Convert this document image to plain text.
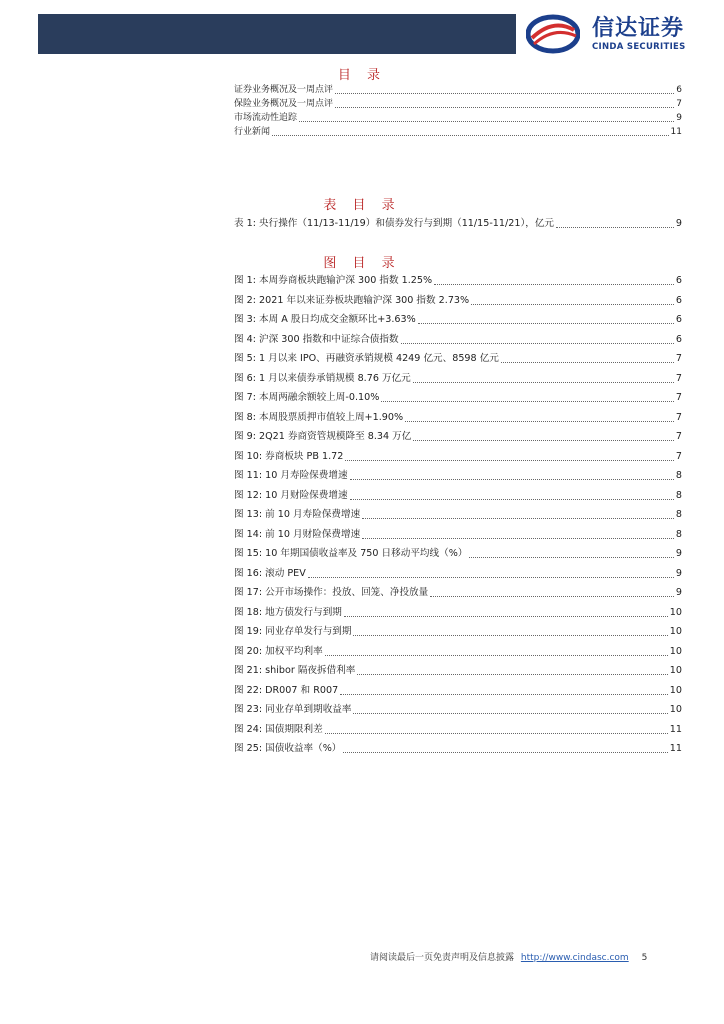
信达证券
CINDA SECURITIES
目 录
证券业务概况及一周点评	6
保险业务概况及一周点评	7
市场流动性追踪	9
行业新闻	11
表 目 录
表 1: 央行操作（11/13-11/19）和债券发行与到期（11/15-11/21），亿元	9
图 目 录
图 1: 本周券商板块跑输沪深 300 指数 1.25%	6
图 2: 2021 年以来证券板块跑输沪深 300 指数 2.73%	6
图 3: 本周 A 股日均成交金额环比+3.63%	6
图 4: 沪深 300 指数和中证综合债指数	6
图 5: 1 月以来 IPO、再融资承销规模 4249 亿元、8598 亿元	7
图 6: 1 月以来债券承销规模 8.76 万亿元	7
图 7: 本周两融余额较上周-0.10%	7
图 8: 本周股票质押市值较上周+1.90%	7
图 9: 2Q21 券商资管规模降至 8.34 万亿	7
图 10: 券商板块 PB 1.72	7
图 11: 10 月寿险保费增速	8
图 12: 10 月财险保费增速	8
图 13: 前 10 月寿险保费增速	8
图 14: 前 10 月财险保费增速	8
图 15: 10 年期国债收益率及 750 日移动平均线（%）	9
图 16: 滚动 PEV	9
图 17: 公开市场操作：投放、回笼、净投放量	9
图 18: 地方债发行与到期	10
图 19: 同业存单发行与到期	10
图 20: 加权平均利率	10
图 21: shibor 隔夜拆借利率	10
图 22: DR007 和 R007	10
图 23: 同业存单到期收益率	10
图 24: 国债期限利差	11
图 25: 国债收益率（%）	11
请阅读最后一页免责声明及信息披露 http://www.cindasc.com 5
